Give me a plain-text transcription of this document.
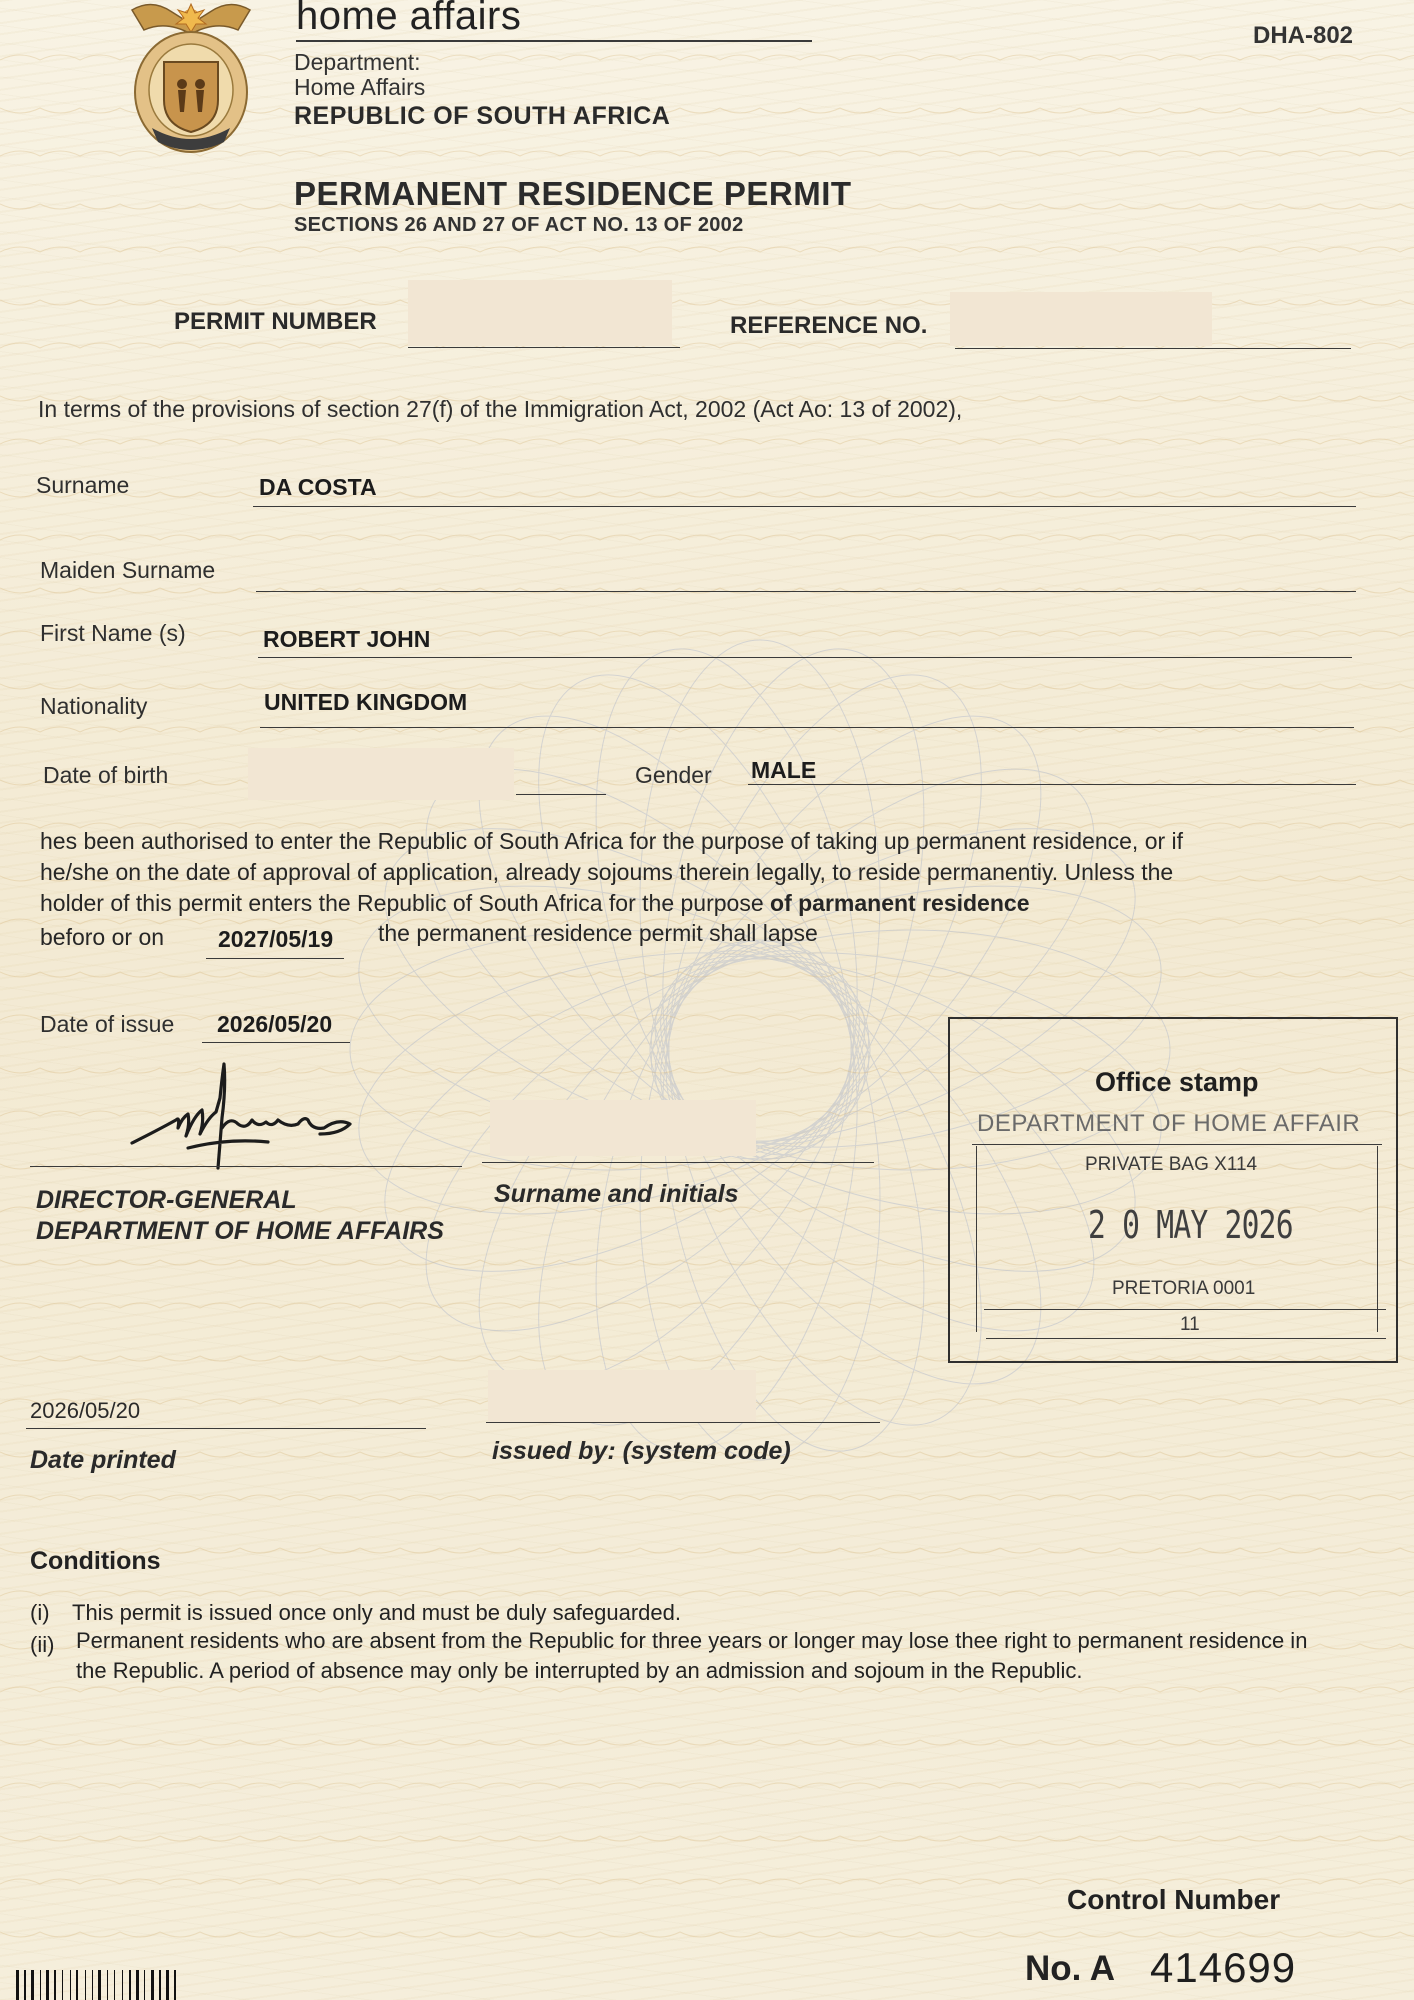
home affairs
Department:
Home Affairs
REPUBLIC OF SOUTH AFRICA
DHA-802
PERMANENT RESIDENCE PERMIT
SECTIONS 26 AND 27 OF ACT NO. 13 OF 2002
PERMIT NUMBER	REFERENCE NO.
In terms of the provisions of section 27(f) of the Immigration Act, 2002 (Act Ao: 13 of 2002),
Surname	DA COSTA
Maiden Surname
First Name (s)	ROBERT JOHN
Nationality	UNITED KINGDOM
Date of birth	Gender MALE
hes been authorised to enter the Republic of South Africa for the purpose of taking up permanent residence, or if
he/she on the date of approval of application, already sojoums therein legally, to reside permanentiy. Unless the
holder of this permit enters the Republic of South Africa for the purpose of parmanent residence
beforo or on 2027/05/19 the permanent residence permit shall lapse
Date of issue 2026/05/20
DIRECTOR-GENERAL
DEPARTMENT OF HOME AFFAIRS
Surname and initials
Office stamp
DEPARTMENT OF HOME AFFAIR
PRIVATE BAG X114
2 0 MAY 2026
PRETORIA 0001
11
2026/05/20
Date printed	issued by: (system code)
Conditions
(i) This permit is issued once only and must be duly safeguarded.
(ii) Permanent residents who are absent from the Republic for three years or longer may lose thee right to permanent residence in
the Republic. A period of absence may only be interrupted by an admission and sojoum in the Republic.
Control Number
No. A 414699
